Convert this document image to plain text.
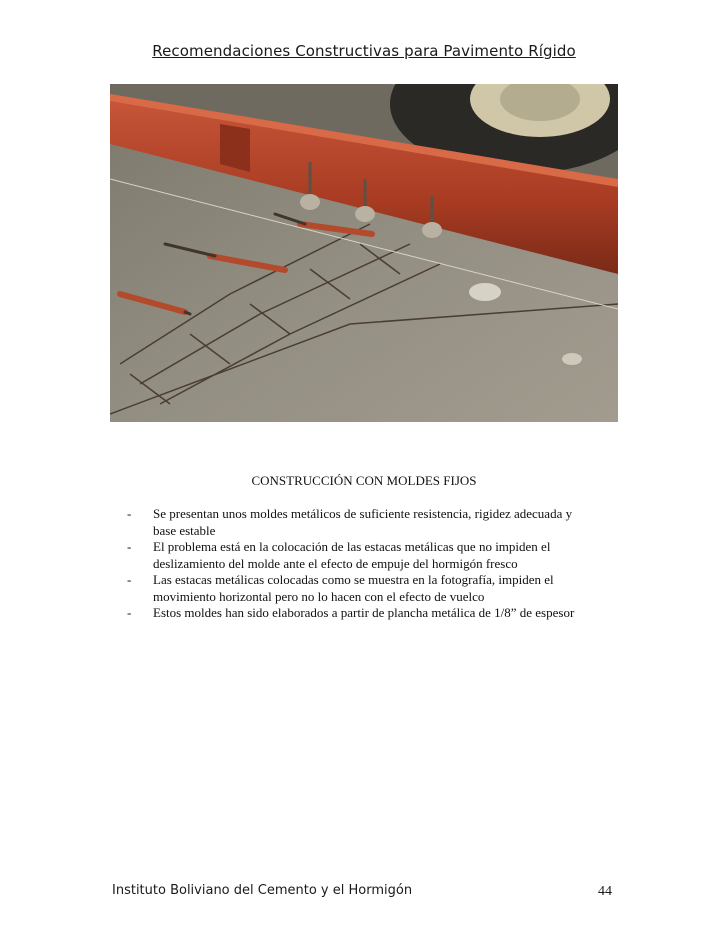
Recomendaciones Constructivas para Pavimento Rígido
CONSTRUCCIÓN CON MOLDES FIJOS
- Se presentan unos moldes metálicos de suficiente resistencia, rigidez adecuada y
base estable
- El problema está en la colocación de las estacas metálicas que no impiden el
deslizamiento del molde ante el efecto de empuje del hormigón fresco
- Las estacas metálicas colocadas como se muestra en la fotografía, impiden el
movimiento horizontal pero no lo hacen con el efecto de vuelco
- Estos moldes han sido elaborados a partir de plancha metálica de 1/8” de espesor
Instituto Boliviano del Cemento y el Hormigón	44
